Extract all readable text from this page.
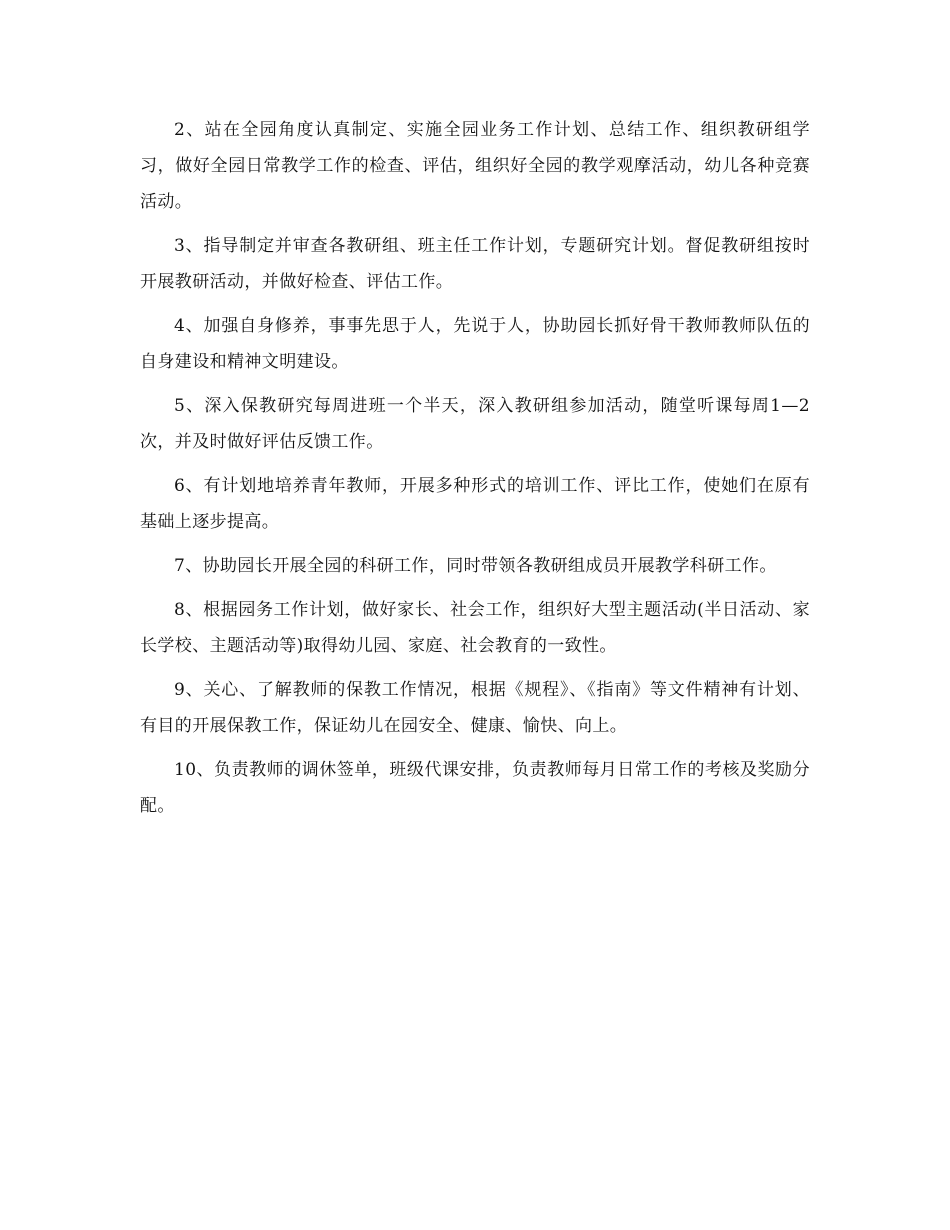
2、站在全园角度认真制定、实施全园业务工作计划、总结工作、组织教研组学习，做好全园日常教学工作的检查、评估，组织好全园的教学观摩活动，幼儿各种竞赛活动。

3、指导制定并审查各教研组、班主任工作计划，专题研究计划。督促教研组按时开展教研活动，并做好检查、评估工作。

4、加强自身修养，事事先思于人，先说于人，协助园长抓好骨干教师教师队伍的自身建设和精神文明建设。

5、深入保教研究每周进班一个半天，深入教研组参加活动，随堂听课每周1—2次，并及时做好评估反馈工作。

6、有计划地培养青年教师，开展多种形式的培训工作、评比工作，使她们在原有基础上逐步提高。

7、协助园长开展全园的科研工作，同时带领各教研组成员开展教学科研工作。

8、根据园务工作计划，做好家长、社会工作，组织好大型主题活动(半日活动、家长学校、主题活动等)取得幼儿园、家庭、社会教育的一致性。

9、关心、了解教师的保教工作情况，根据《规程》、《指南》等文件精神有计划、有目的开展保教工作，保证幼儿在园安全、健康、愉快、向上。

10、负责教师的调休签单，班级代课安排，负责教师每月日常工作的考核及奖励分配。
